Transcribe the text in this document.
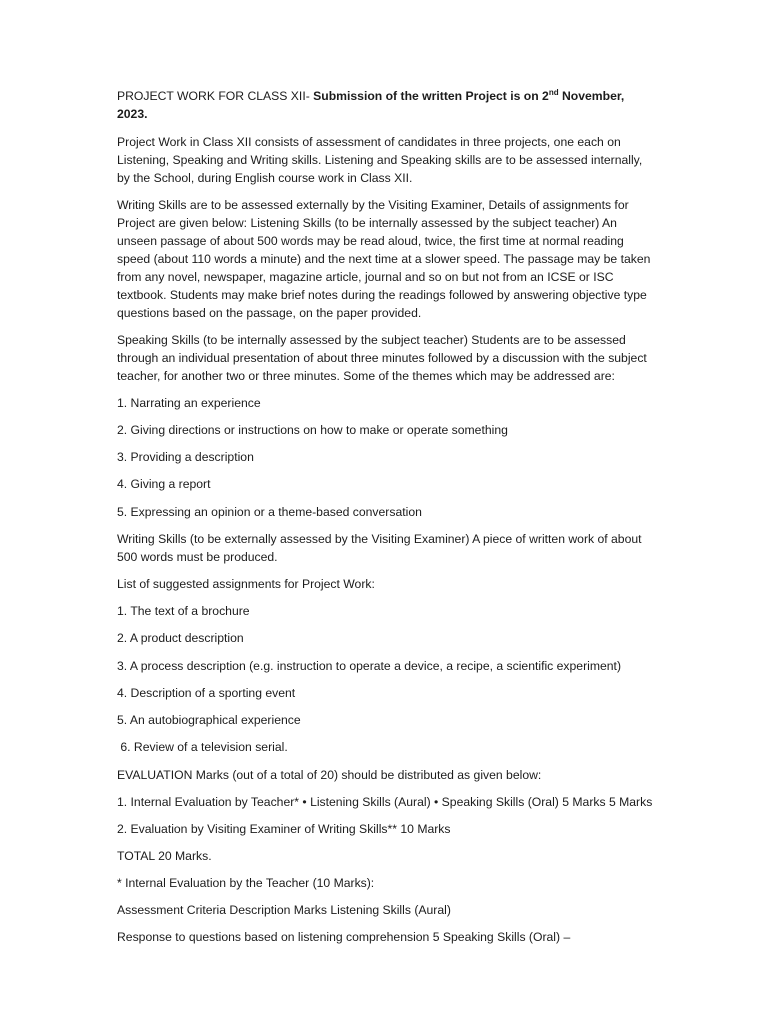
PROJECT WORK FOR CLASS XII- Submission of the written Project is on 2nd November, 2023.

Project Work in Class XII consists of assessment of candidates in three projects, one each on Listening, Speaking and Writing skills. Listening and Speaking skills are to be assessed internally, by the School, during English course work in Class XII.

Writing Skills are to be assessed externally by the Visiting Examiner, Details of assignments for Project are given below: Listening Skills (to be internally assessed by the subject teacher) An unseen passage of about 500 words may be read aloud, twice, the first time at normal reading speed (about 110 words a minute) and the next time at a slower speed. The passage may be taken from any novel, newspaper, magazine article, journal and so on but not from an ICSE or ISC textbook. Students may make brief notes during the readings followed by answering objective type questions based on the passage, on the paper provided.

Speaking Skills (to be internally assessed by the subject teacher) Students are to be assessed through an individual presentation of about three minutes followed by a discussion with the subject teacher, for another two or three minutes. Some of the themes which may be addressed are:

1. Narrating an experience

2. Giving directions or instructions on how to make or operate something

3. Providing a description

4. Giving a report

5. Expressing an opinion or a theme-based conversation

Writing Skills (to be externally assessed by the Visiting Examiner) A piece of written work of about 500 words must be produced.

List of suggested assignments for Project Work:

1. The text of a brochure

2. A product description

3. A process description (e.g. instruction to operate a device, a recipe, a scientific experiment)

4. Description of a sporting event

5. An autobiographical experience

6. Review of a television serial.

EVALUATION Marks (out of a total of 20) should be distributed as given below:

1. Internal Evaluation by Teacher* • Listening Skills (Aural) • Speaking Skills (Oral) 5 Marks 5 Marks

2. Evaluation by Visiting Examiner of Writing Skills** 10 Marks

TOTAL 20 Marks.

* Internal Evaluation by the Teacher (10 Marks):

Assessment Criteria Description Marks Listening Skills (Aural)

Response to questions based on listening comprehension 5 Speaking Skills (Oral) –
